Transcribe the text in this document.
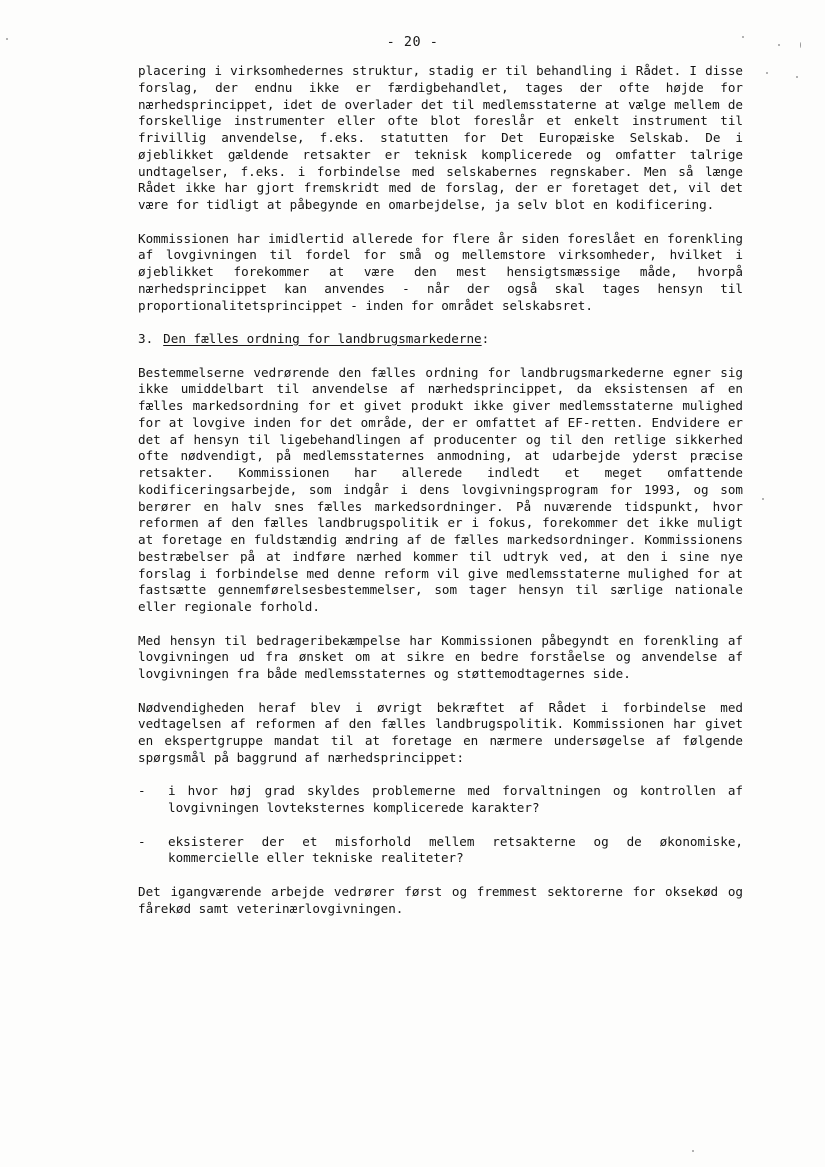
- 20 -

placering i virksomhedernes struktur, stadig er til behandling i Rådet. I disse forslag, der endnu ikke er færdigbehandlet, tages der ofte højde for nærhedsprincippet, idet de overlader det til medlemsstaterne at vælge mellem de forskellige instrumenter eller ofte blot foreslår et enkelt instrument til frivillig anvendelse, f.eks. statutten for Det Europæiske Selskab. De i øjeblikket gældende retsakter er teknisk komplicerede og omfatter talrige undtagelser, f.eks. i forbindelse med selskabernes regnskaber. Men så længe Rådet ikke har gjort fremskridt med de forslag, der er foretaget det, vil det være for tidligt at påbegynde en omarbejdelse, ja selv blot en kodificering.

Kommissionen har imidlertid allerede for flere år siden foreslået en forenkling af lovgivningen til fordel for små og mellemstore virksomheder, hvilket i øjeblikket forekommer at være den mest hensigtsmæssige måde, hvorpå nærhedsprincippet kan anvendes - når der også skal tages hensyn til proportionalitetsprincippet - inden for området selskabsret.

3. Den fælles ordning for landbrugsmarkederne:

Bestemmelserne vedrørende den fælles ordning for landbrugsmarkederne egner sig ikke umiddelbart til anvendelse af nærhedsprincippet, da eksistensen af en fælles markedsordning for et givet produkt ikke giver medlemsstaterne mulighed for at lovgive inden for det område, der er omfattet af EF-retten. Endvidere er det af hensyn til ligebehandlingen af producenter og til den retlige sikkerhed ofte nødvendigt, på medlemsstaternes anmodning, at udarbejde yderst præcise retsakter. Kommissionen har allerede indledt et meget omfattende kodificeringsarbejde, som indgår i dens lovgivningsprogram for 1993, og som berører en halv snes fælles markedsordninger. På nuværende tidspunkt, hvor reformen af den fælles landbrugspolitik er i fokus, forekommer det ikke muligt at foretage en fuldstændig ændring af de fælles markedsordninger. Kommissionens bestræbelser på at indføre nærhed kommer til udtryk ved, at den i sine nye forslag i forbindelse med denne reform vil give medlemsstaterne mulighed for at fastsætte gennemførelsesbestemmelser, som tager hensyn til særlige nationale eller regionale forhold.

Med hensyn til bedrageribekæmpelse har Kommissionen påbegyndt en forenkling af lovgivningen ud fra ønsket om at sikre en bedre forståelse og anvendelse af lovgivningen fra både medlemsstaternes og støttemodtagernes side.

Nødvendigheden heraf blev i øvrigt bekræftet af Rådet i forbindelse med vedtagelsen af reformen af den fælles landbrugspolitik. Kommissionen har givet en ekspertgruppe mandat til at foretage en nærmere undersøgelse af følgende spørgsmål på baggrund af nærhedsprincippet:

- i hvor høj grad skyldes problemerne med forvaltningen og kontrollen af lovgivningen lovteksternes komplicerede karakter?
- eksisterer der et misforhold mellem retsakterne og de økonomiske, kommercielle eller tekniske realiteter?

Det igangværende arbejde vedrører først og fremmest sektorerne for oksekød og fårekød samt veterinærlovgivningen.
